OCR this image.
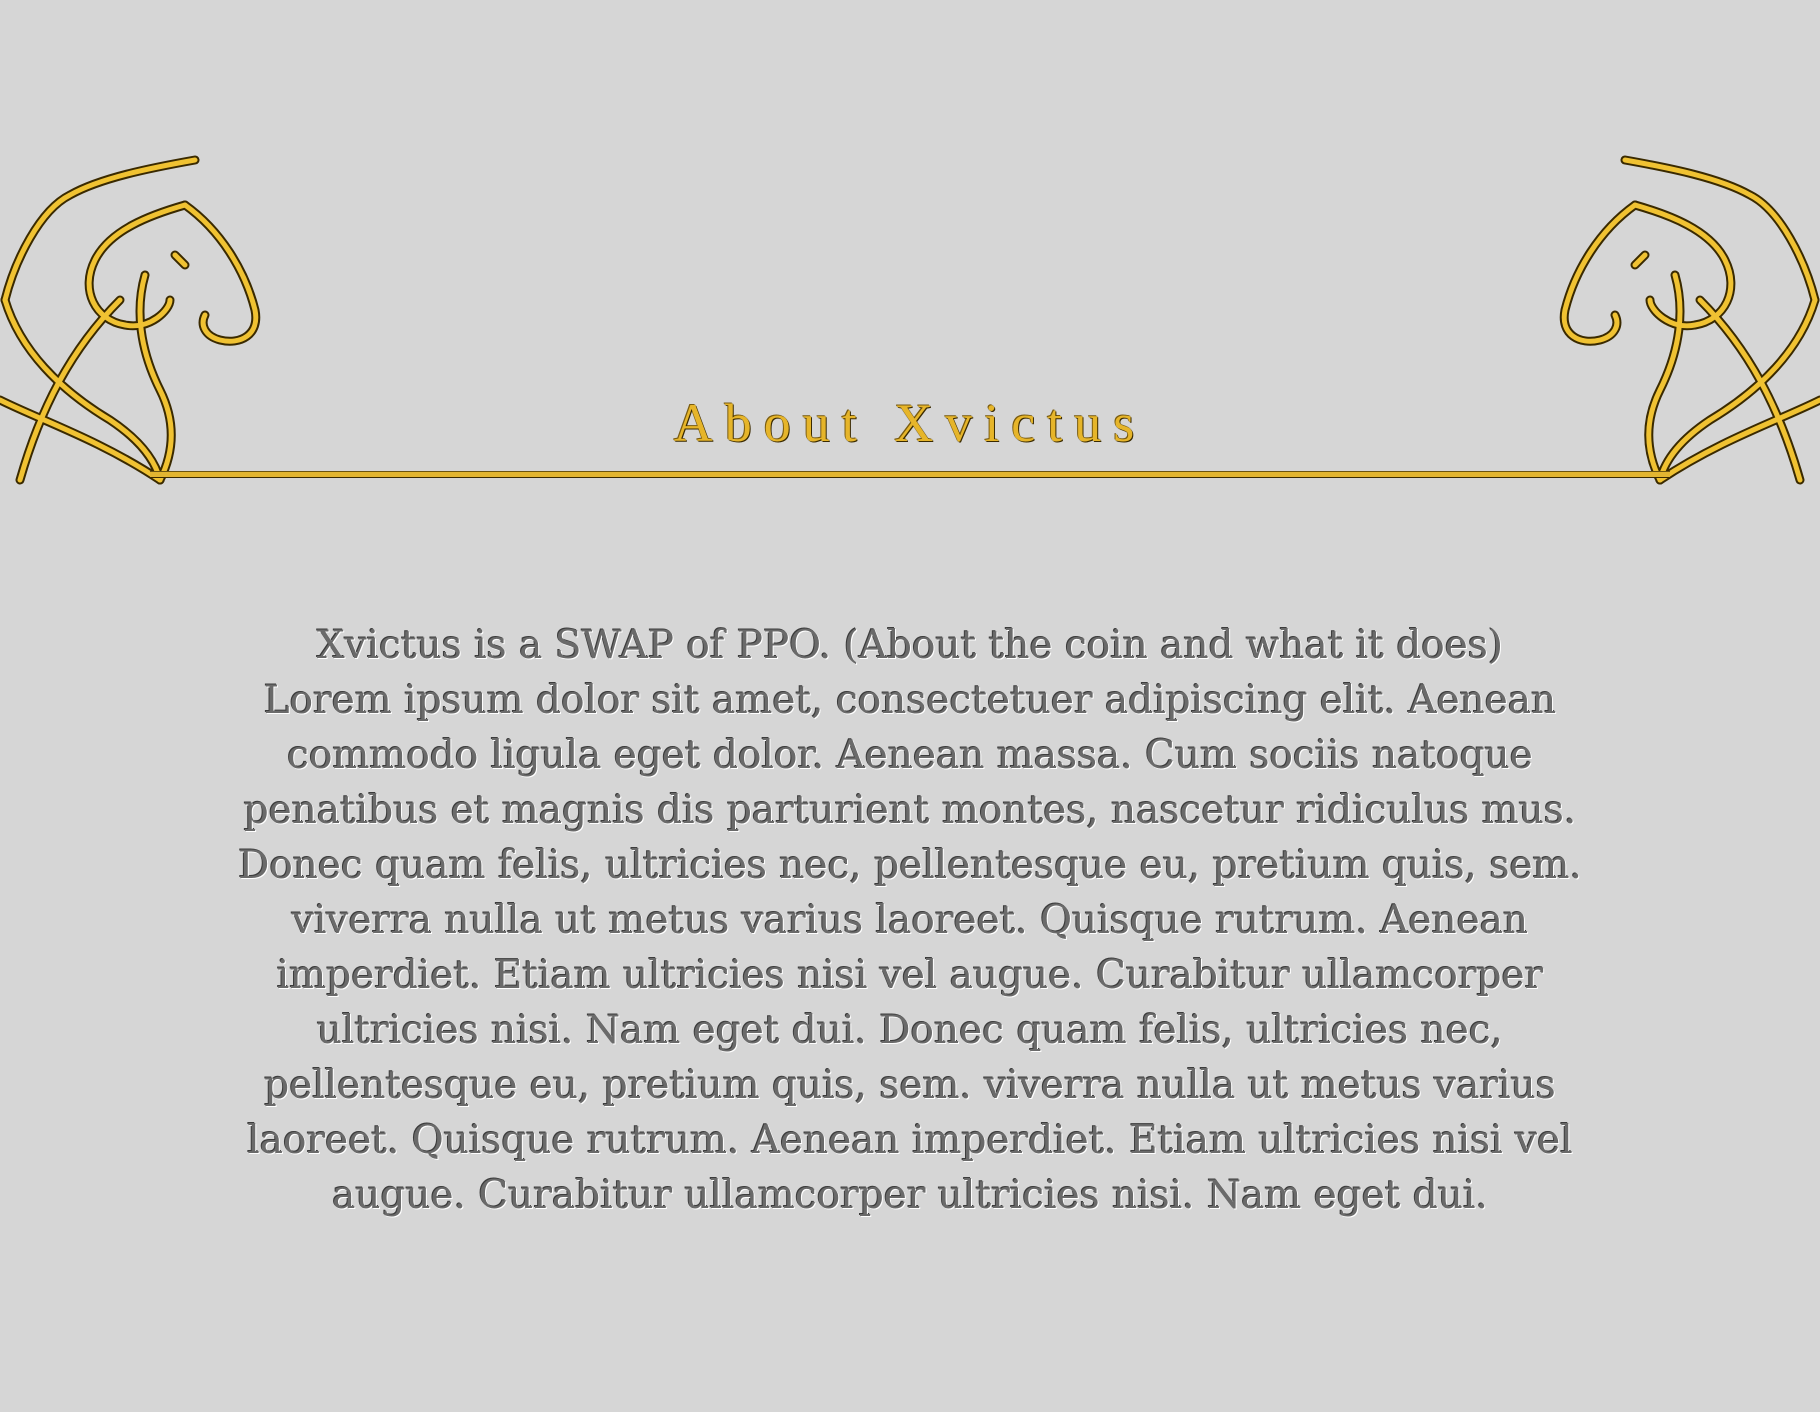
About Xvictus

Xvictus is a SWAP of PPO. (About the coin and what it does)

Lorem ipsum dolor sit amet, consectetuer adipiscing elit. Aenean commodo ligula eget dolor. Aenean massa. Cum sociis natoque penatibus et magnis dis parturient montes, nascetur ridiculus mus. Donec quam felis, ultricies nec, pellentesque eu, pretium quis, sem. viverra nulla ut metus varius laoreet. Quisque rutrum. Aenean imperdiet. Etiam ultricies nisi vel augue. Curabitur ullamcorper ultricies nisi. Nam eget dui. Donec quam felis, ultricies nec, pellentesque eu, pretium quis, sem. viverra nulla ut metus varius laoreet. Quisque rutrum. Aenean imperdiet. Etiam ultricies nisi vel augue. Curabitur ullamcorper ultricies nisi. Nam eget dui.
